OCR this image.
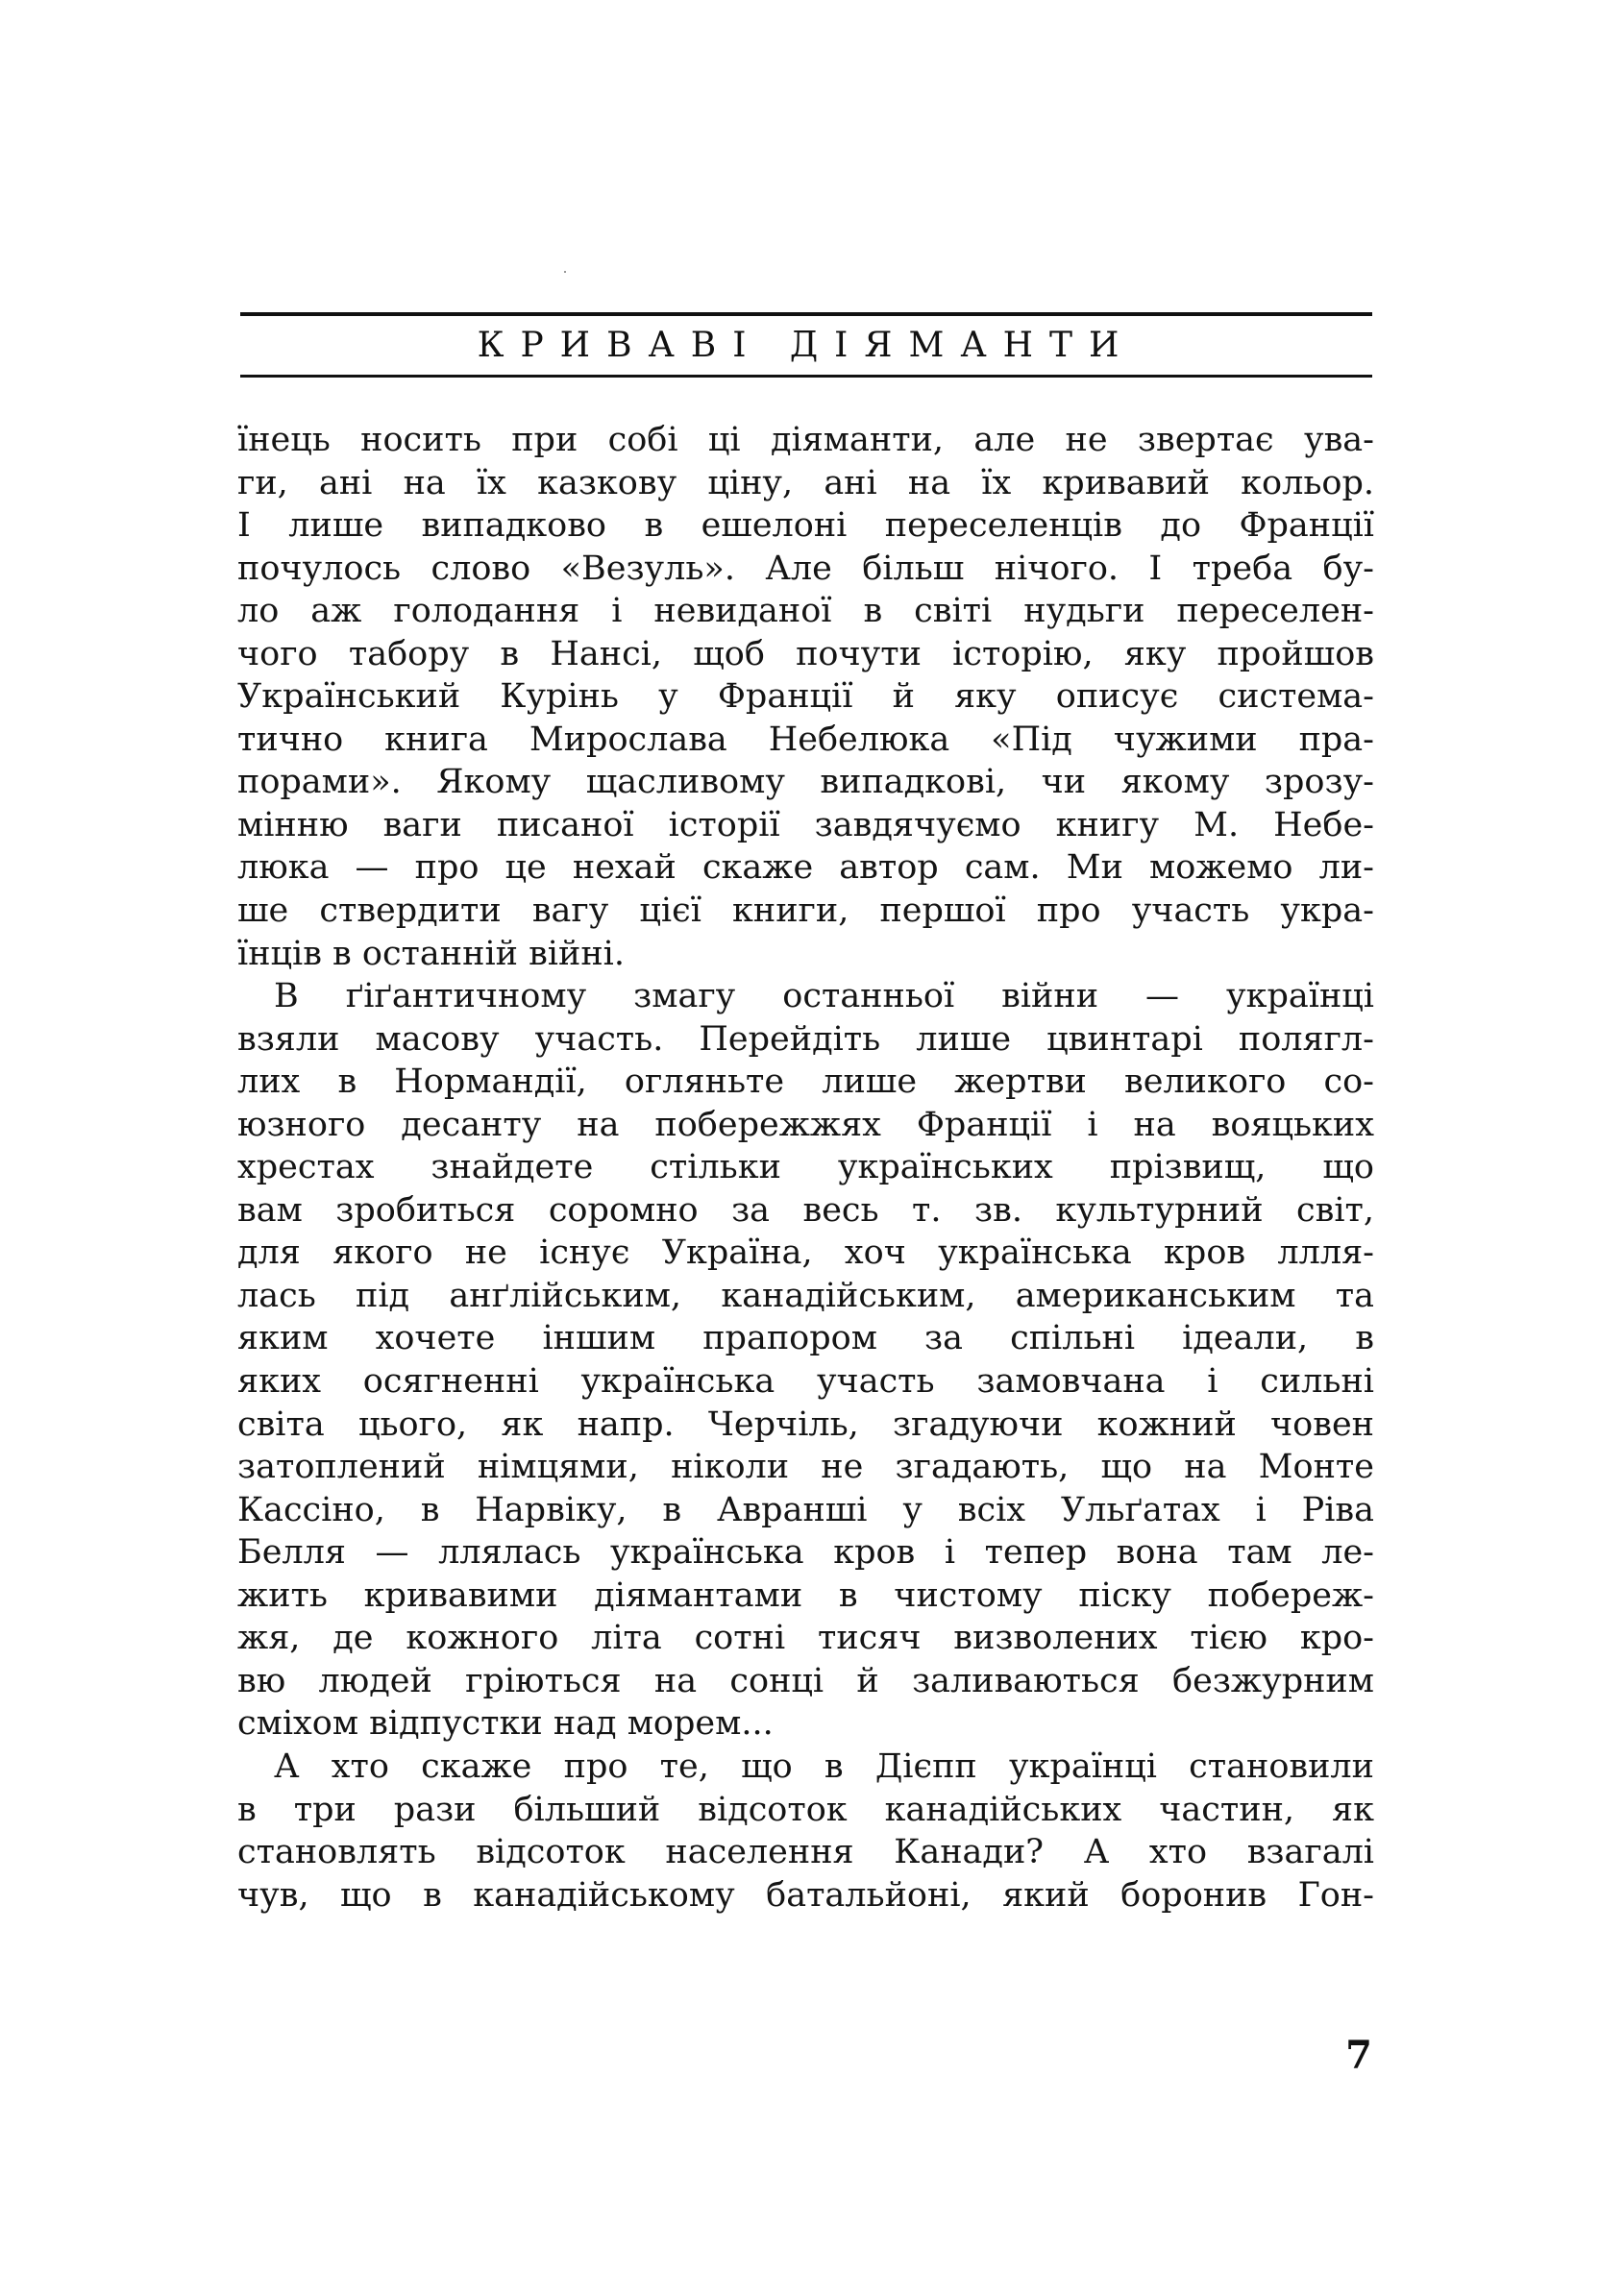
КРИВАВІ ДІЯМАНТИ
їнець носить при собі ці діяманти, але не звертає ува-
ги, ані на їх казкову ціну, ані на їх кривавий кольор.
І лише випадково в ешелоні переселенців до Франції
почулось слово «Везуль». Але більш нічого. І треба бу-
ло аж голодання і невиданої в світі нудьги переселен-
чого табору в Нансі, щоб почути історію, яку пройшов
Український Курінь у Франції й яку описує система-
тично книга Мирослава Небелюка «Під чужими пра-
порами». Якому щасливому випадкові, чи якому зрозу-
мінню ваги писаної історії завдячуємо книгу М. Небе-
люка — про це нехай скаже автор сам. Ми можемо ли-
ше ствердити вагу цієї книги, першої про участь укра-
їнців в останній війні.
В ґіґантичному змагу останньої війни — українці
взяли масову участь. Перейдіть лише цвинтарі полягл-
лих в Нормандії, огляньте лише жертви великого со-
юзного десанту на побережжях Франції і на вояцьких
хрестах знайдете стільки українських прізвищ, що
вам зробиться соромно за весь т. зв. культурний світ,
для якого не існує Україна, хоч українська кров ллля-
лась під анґлійським, канадійським, американським та
яким хочете іншим прапором за спільні ідеали, в
яких осягненні українська участь замовчана і сильні
світа цього, як напр. Черчіль, згадуючи кожний човен
затоплений німцями, ніколи не згадають, що на Монте
Кассіно, в Нарвіку, в Авранші у всіх Ульґатах і Ріва
Белля — ллялась українська кров і тепер вона там ле-
жить кривавими діямантами в чистому піску побереж-
жя, де кожного літа сотні тисяч визволених тією кро-
вю людей гріються на сонці й заливаються безжурним
сміхом відпустки над морем...
А хто скаже про те, що в Дієпп українці становили
в три рази більший відсоток канадійських частин, як
становлять відсоток населення Канади? А хто взагалі
чув, що в канадійському батальйоні, який боронив Гон-
7
